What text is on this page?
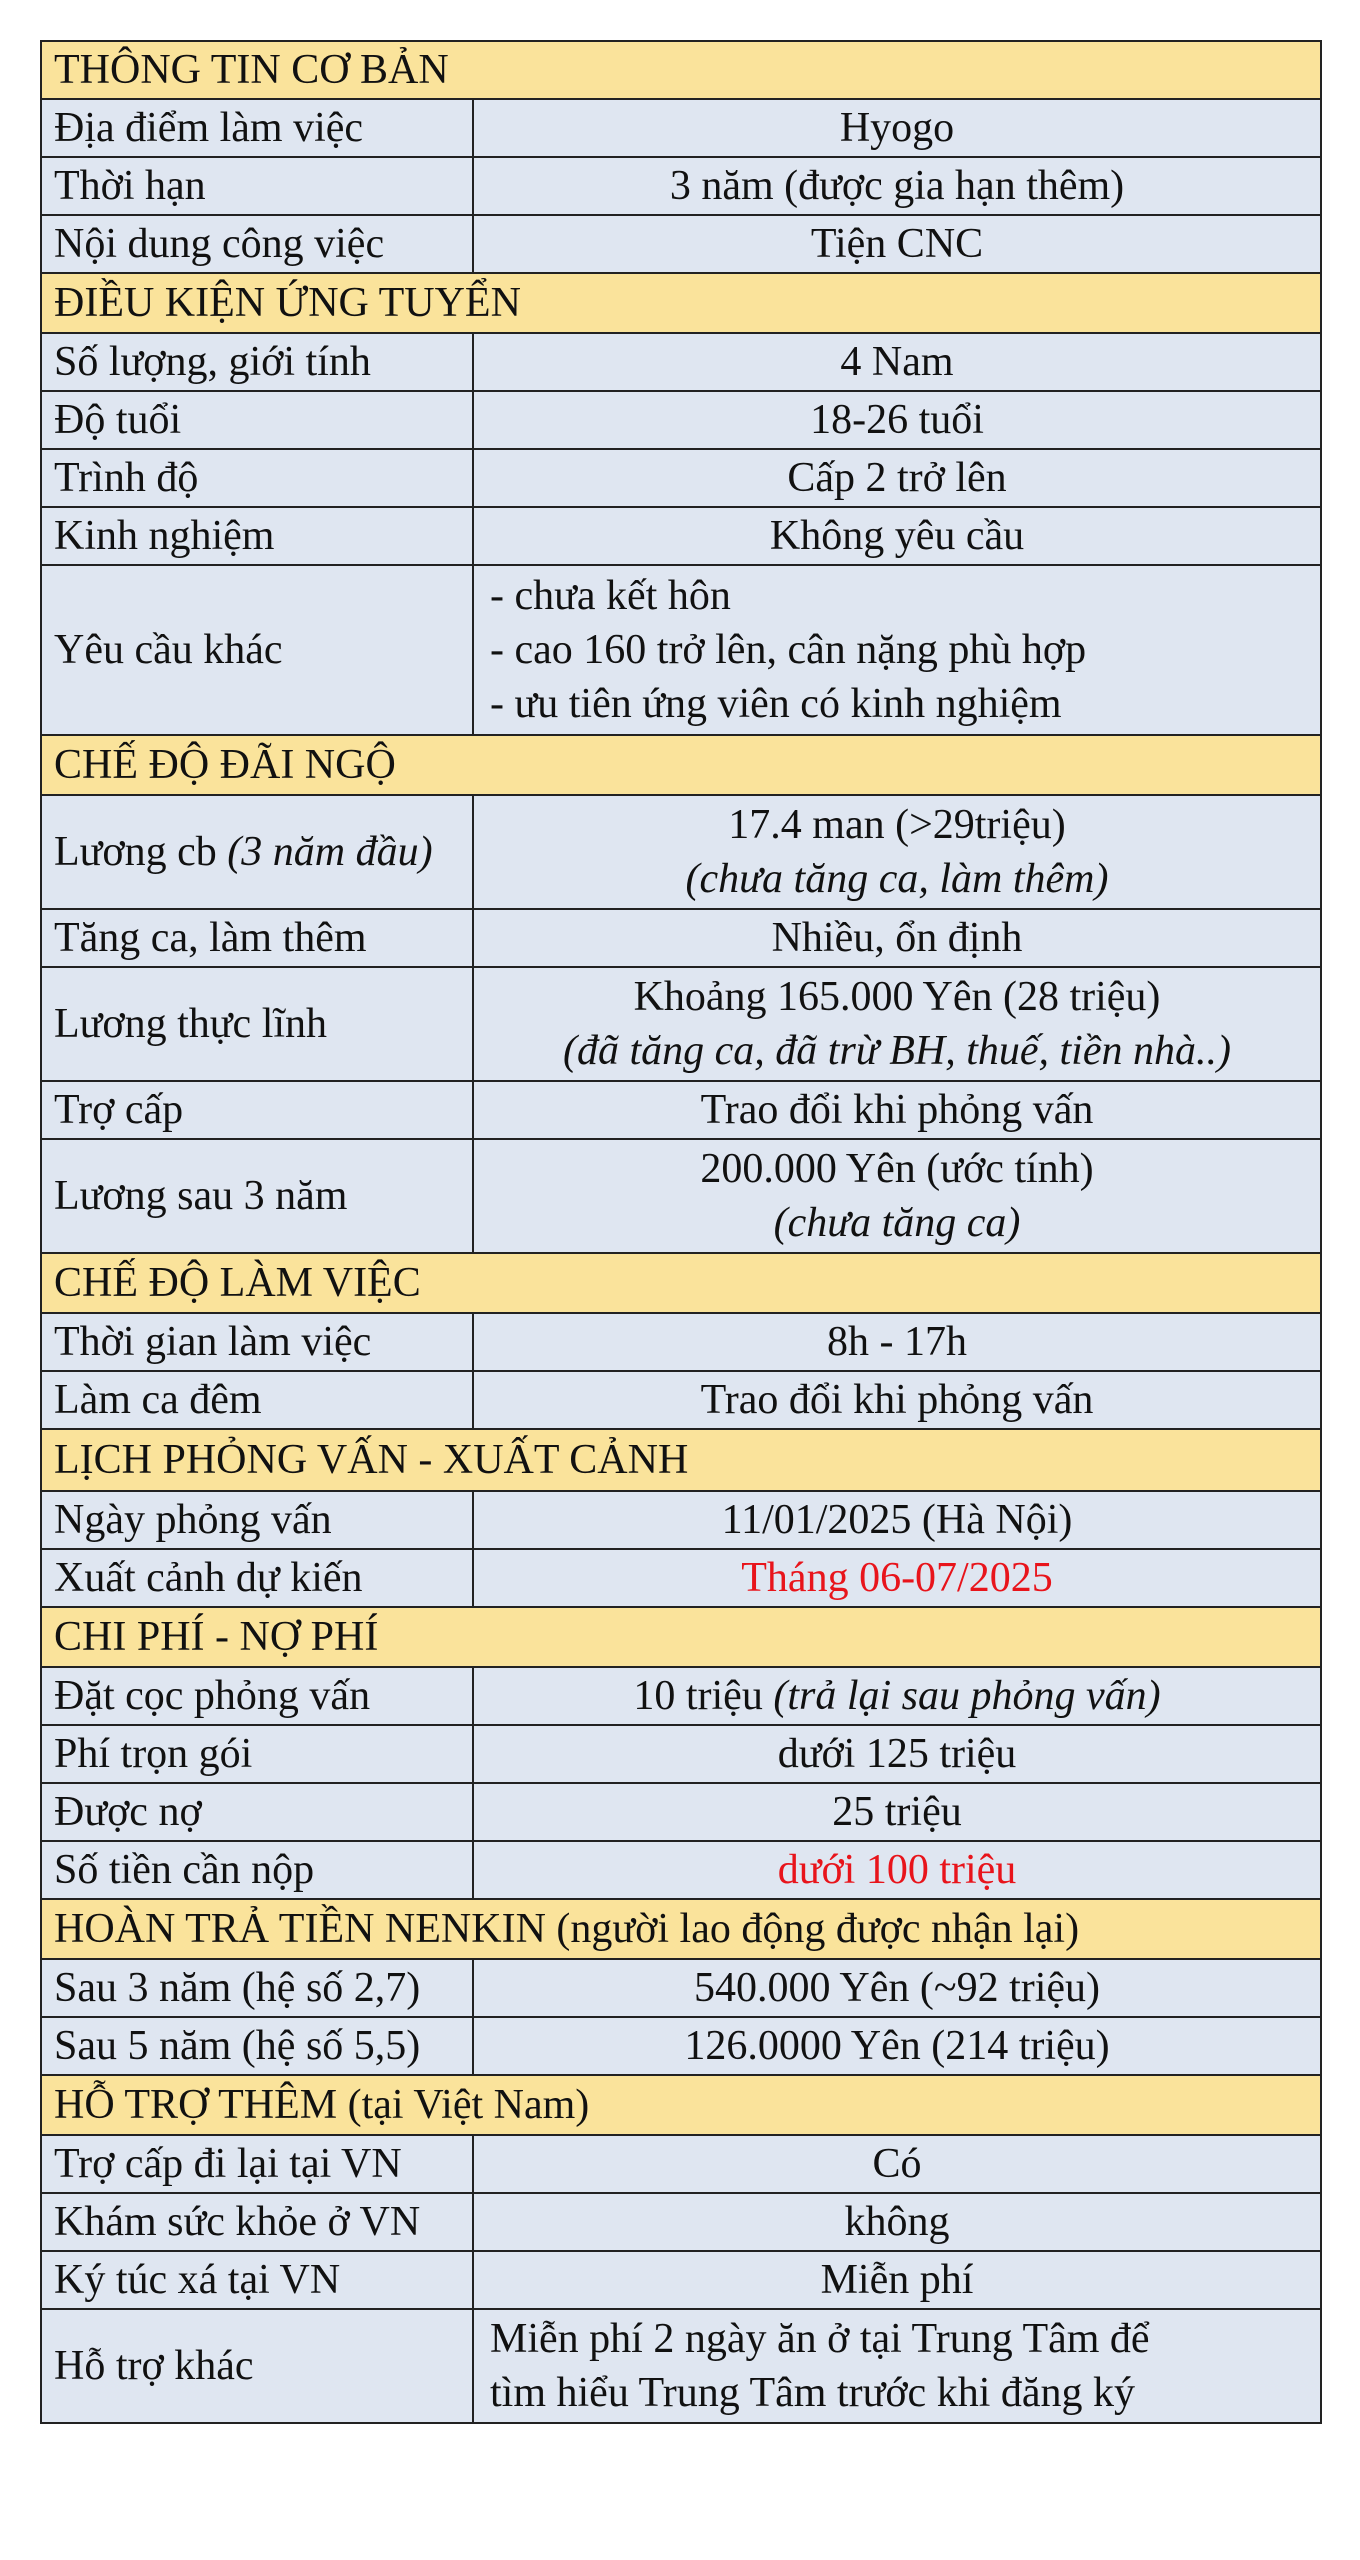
THÔNG TIN CƠ BẢN	
Địa điểm làm việc	Hyogo
Thời hạn	3 năm (được gia hạn thêm)
Nội dung công việc	Tiện CNC
ĐIỀU KIỆN ỨNG TUYỂN	
Số lượng, giới tính	4 Nam
Độ tuổi	18-26 tuổi
Trình độ	Cấp 2 trở lên
Kinh nghiệm	Không yêu cầu
Yêu cầu khác	- chưa kết hôn
- cao 160 trở lên, cân nặng phù hợp
- ưu tiên ứng viên có kinh nghiệm

CHẾ ĐỘ ĐÃI NGỘ	
Lương cb (3 năm đầu)	17.4 man (>29triệu)
(chưa tăng ca, làm thêm)

Tăng ca, làm thêm	Nhiều, ổn định
Lương thực lĩnh	Khoảng 165.000 Yên (28 triệu)
(đã tăng ca, đã trừ BH, thuế, tiền nhà..)

Trợ cấp	Trao đổi khi phỏng vấn
Lương sau 3 năm	200.000 Yên (ước tính)
(chưa tăng ca)

CHẾ ĐỘ LÀM VIỆC	
Thời gian làm việc	8h - 17h
Làm ca đêm	Trao đổi khi phỏng vấn
LỊCH PHỎNG VẤN - XUẤT CẢNH	
Ngày phỏng vấn	11/01/2025 (Hà Nội)
Xuất cảnh dự kiến	Tháng 06-07/2025
CHI PHÍ - NỢ PHÍ	
Đặt cọc phỏng vấn	10 triệu (trả lại sau phỏng vấn)
Phí trọn gói	dưới 125 triệu
Được nợ	25 triệu
Số tiền cần nộp	dưới 100 triệu
HOÀN TRẢ TIỀN NENKIN (người lao động được nhận lại)	
Sau 3 năm (hệ số 2,7)	540.000 Yên (~92 triệu)
Sau 5 năm (hệ số 5,5)	126.0000 Yên (214 triệu)
HỖ TRỢ THÊM (tại Việt Nam)	
Trợ cấp đi lại tại VN	Có
Khám sức khỏe ở VN	không
Ký túc xá tại VN	Miễn phí
Hỗ trợ khác	Miễn phí 2 ngày ăn ở tại Trung Tâm để
tìm hiểu Trung Tâm trước khi đăng ký
